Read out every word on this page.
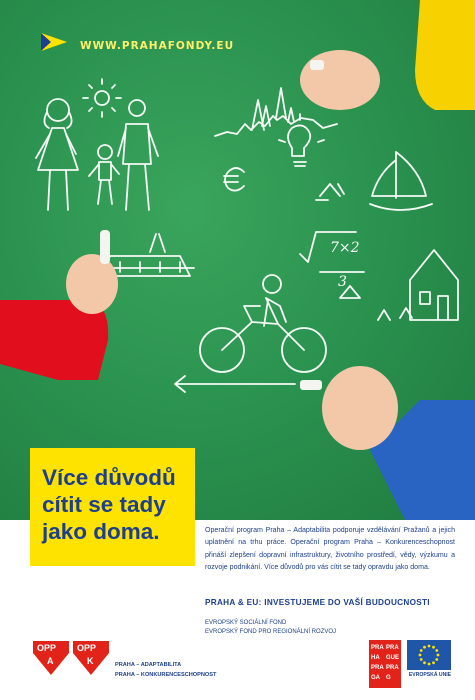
WWW.PRAHAFONDY.EU
7×2
3
Více důvodů
cítit se tady
jako doma.	Operační program Praha – Adaptabilita podporuje vzdělávání Pražanů a jejich uplatnění na trhu práce. Operační program Praha – Konkurenceschopnost přináší zlepšení dopravní infrastruktury, životního prostředí, vědy, výzkumu a rozvoje podnikání. Více důvodů pro vás cítit se tady opravdu jako doma.
PRAHA & EU: INVESTUJEME DO VAŠÍ BUDOUCNOSTI
EVROPSKÝ SOCIÁLNÍ FOND
EVROPSKÝ FOND PRO REGIONÁLNÍ ROZVOJ
OPP
A
OPP
K	PRAHA – ADAPTABILITA
PRAHA – KONKURENCESCHOPNOST
PRA
HA
PRA
GA
PRA
GUE
PRA
G	EVROPSKÁ UNIE
